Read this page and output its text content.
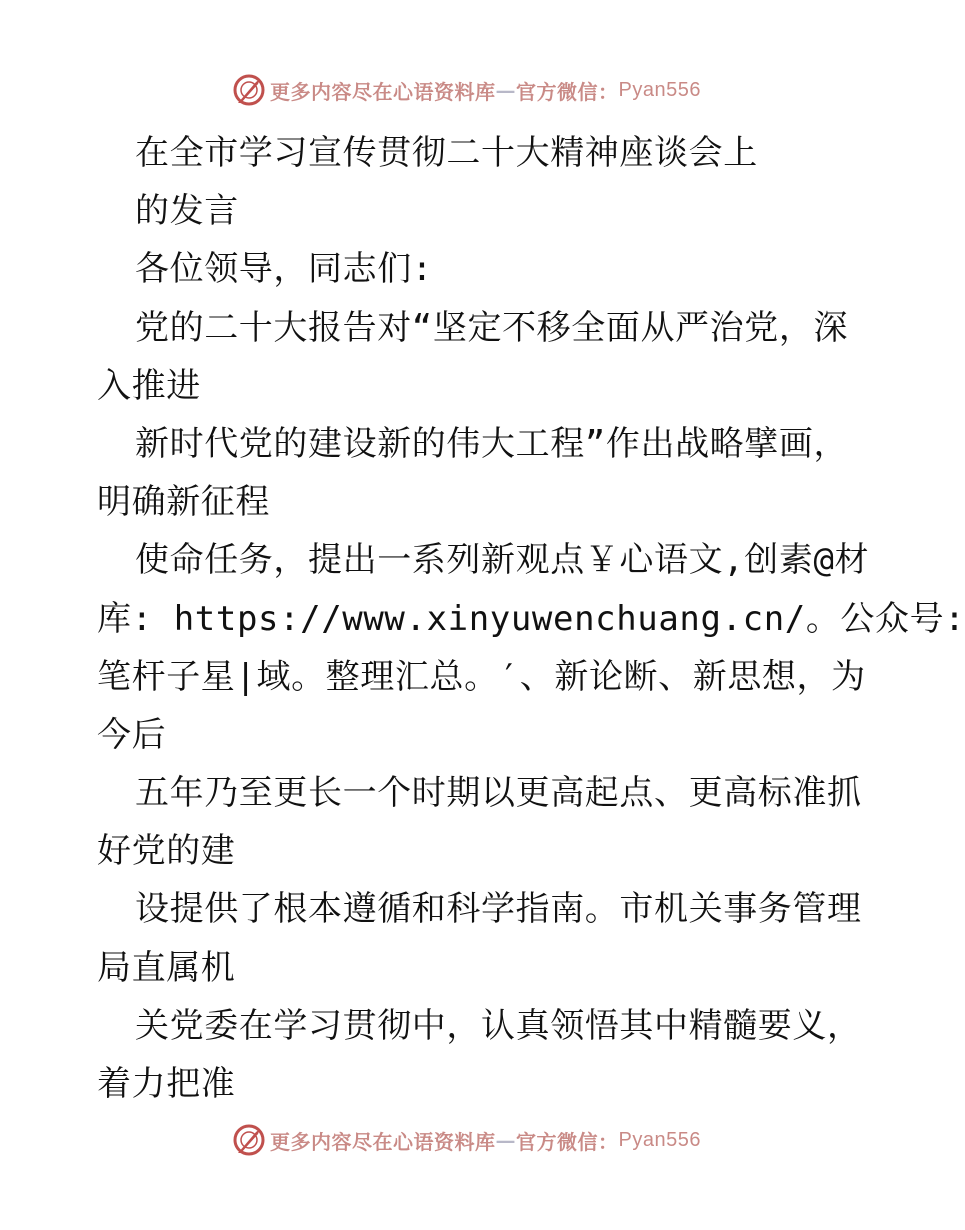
更多内容尽在心语资料库 — 官方微信： Pyan556
在全市学习宣传贯彻二十大精神座谈会上
的发言
各位领导，同志们:
党的二十大报告对“坚定不移全面从严治党，深
入推进
新时代党的建设新的伟大工程”作出战略擘画，
明确新征程
使命任务，提出一系列新观点￥心语文,创素@材
库: https://www.xinyuwenchuang.cn/。公众号:
笔杆子星|域。整理汇总。′、新论断、新思想，为
今后
五年乃至更长一个时期以更高起点、更高标准抓
好党的建
设提供了根本遵循和科学指南。市机关事务管理
局直属机
关党委在学习贯彻中，认真领悟其中精髓要义，
着力把准
更多内容尽在心语资料库 — 官方微信： Pyan556
